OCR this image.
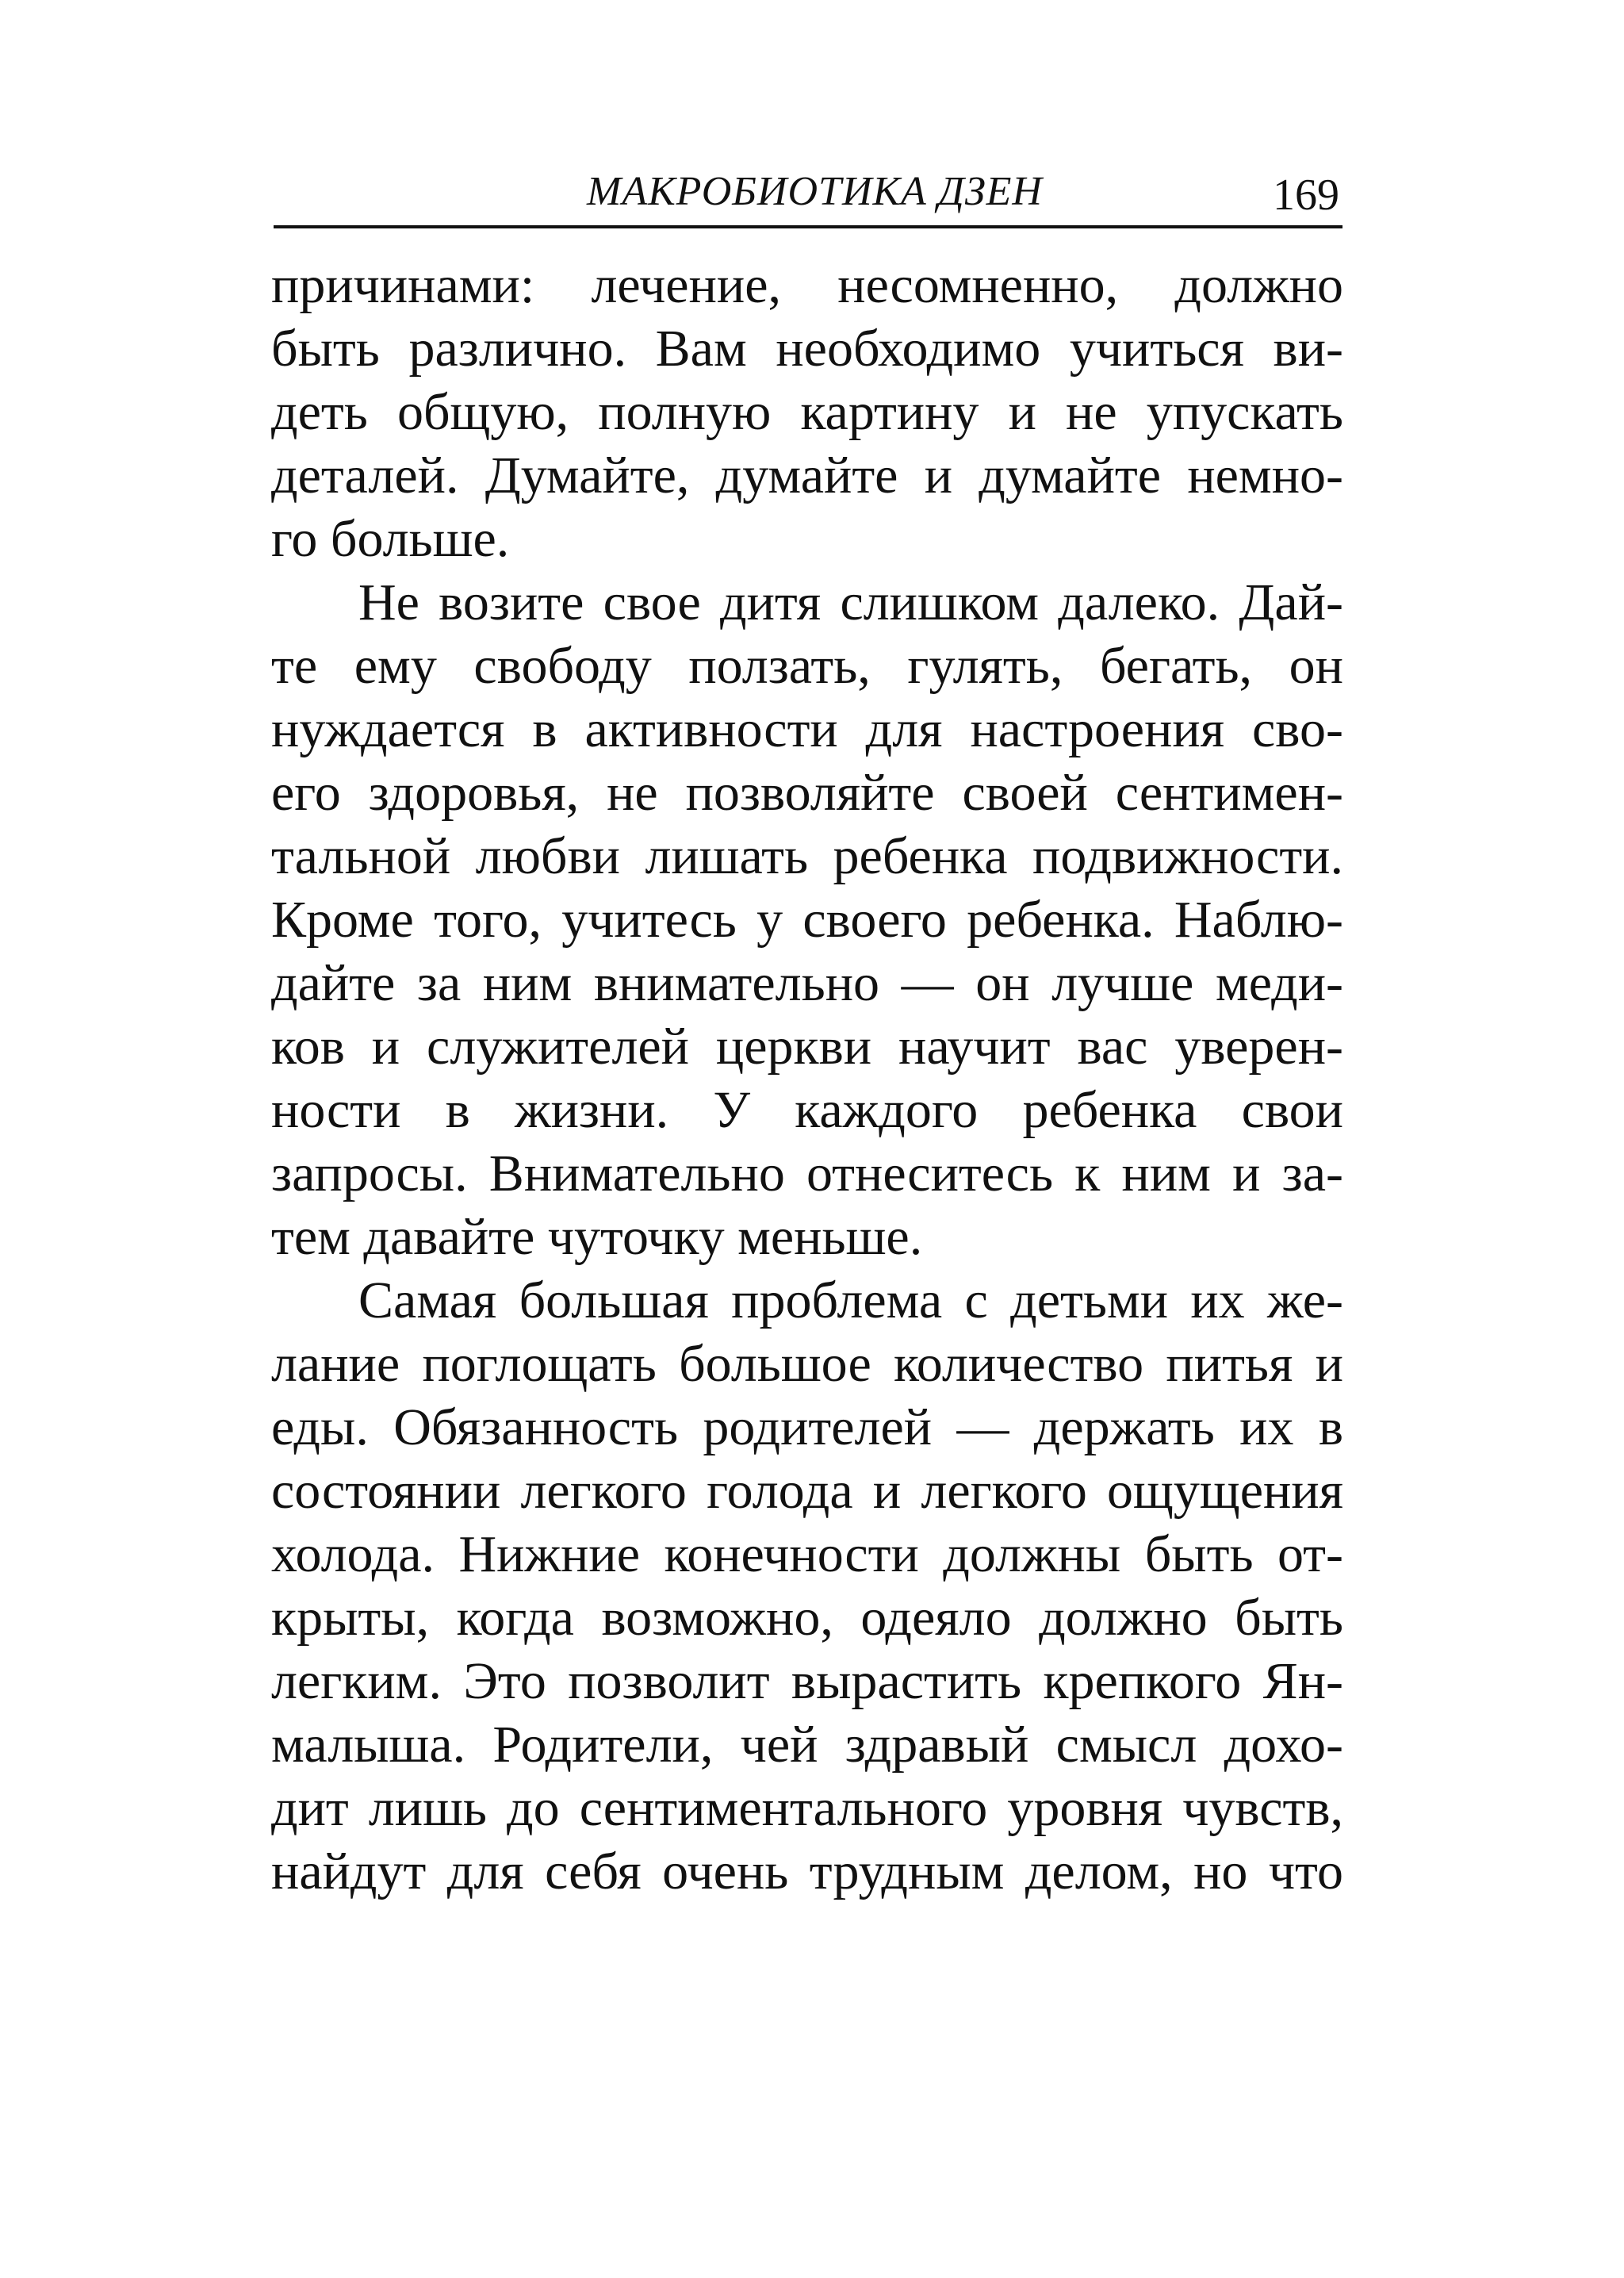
МАКРОБИОТИКА ДЗЕН	169
причинами: лечение, несомненно, должно
быть различно. Вам необходимо учиться ви-
деть общую, полную картину и не упускать
деталей. Думайте, думайте и думайте немно-
го больше.
Не возите свое дитя слишком далеко. Дай-
те ему свободу ползать, гулять, бегать, он
нуждается в активности для настроения сво-
его здоровья, не позволяйте своей сентимен-
тальной любви лишать ребенка подвижности.
Кроме того, учитесь у своего ребенка. Наблю-
дайте за ним внимательно — он лучше меди-
ков и служителей церкви научит вас уверен-
ности в жизни. У каждого ребенка свои
запросы. Внимательно отнеситесь к ним и за-
тем давайте чуточку меньше.
Самая большая проблема с детьми их же-
лание поглощать большое количество питья и
еды. Обязанность родителей — держать их в
состоянии легкого голода и легкого ощущения
холода. Нижние конечности должны быть от-
крыты, когда возможно, одеяло должно быть
легким. Это позволит вырастить крепкого Ян-
малыша. Родители, чей здравый смысл дохо-
дит лишь до сентиментального уровня чувств,
найдут для себя очень трудным делом, но что
